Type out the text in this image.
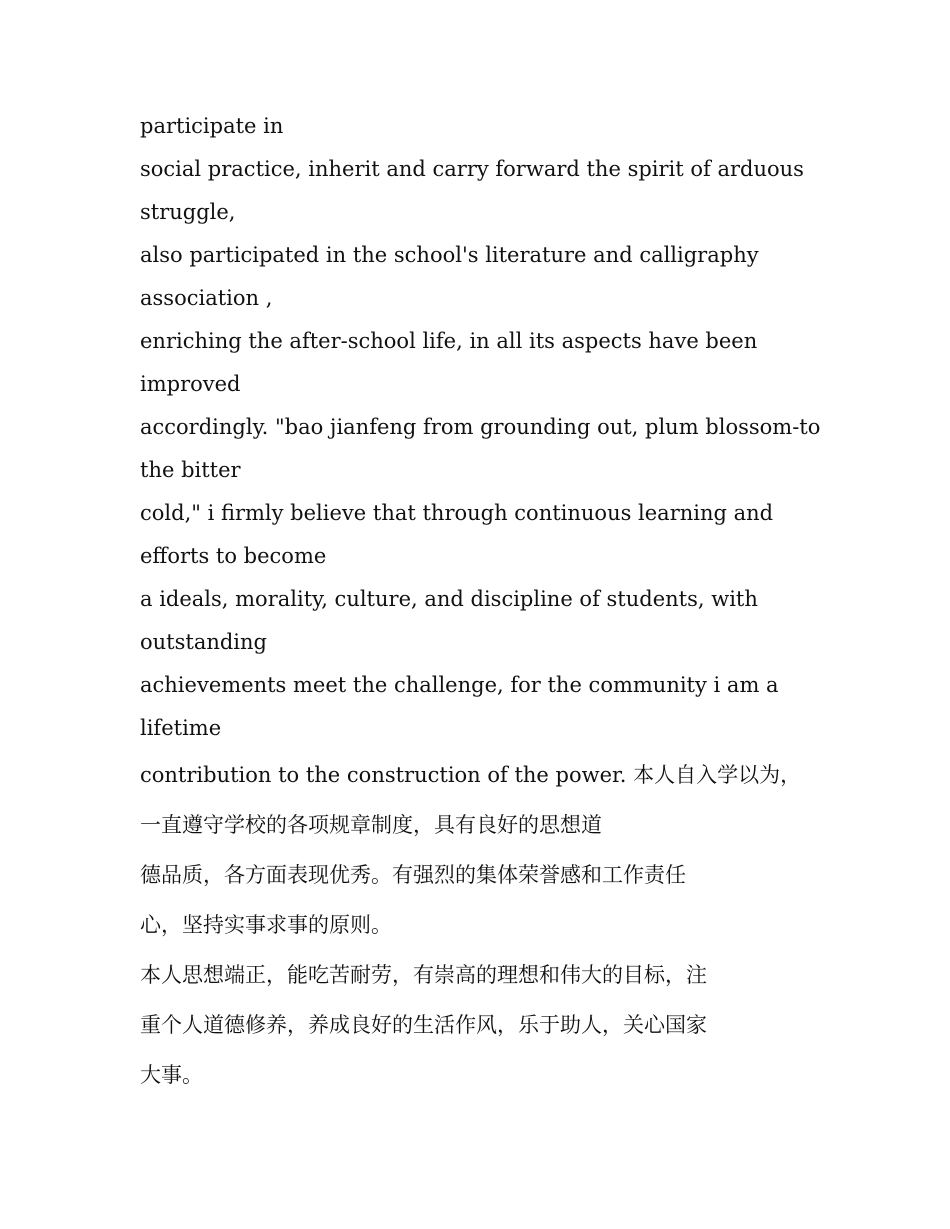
participate in

social practice, inherit and carry forward the spirit of arduous

struggle,

also participated in the school's literature and calligraphy

association ,

enriching the after-school life, in all its aspects have been

improved

accordingly. "bao jianfeng from grounding out, plum blossom-to

the bitter

cold," i firmly believe that through continuous learning and

efforts to become

a ideals, morality, culture, and discipline of students, with

outstanding

achievements meet the challenge, for the community i am a

lifetime

contribution to the construction of the power. 本人自入学以为，

一直遵守学校的各项规章制度，具有良好的思想道

德品质，各方面表现优秀。有强烈的集体荣誉感和工作责任

心，坚持实事求事的原则。

本人思想端正，能吃苦耐劳，有崇高的理想和伟大的目标，注

重个人道德修养，养成良好的生活作风，乐于助人，关心国家

大事。
